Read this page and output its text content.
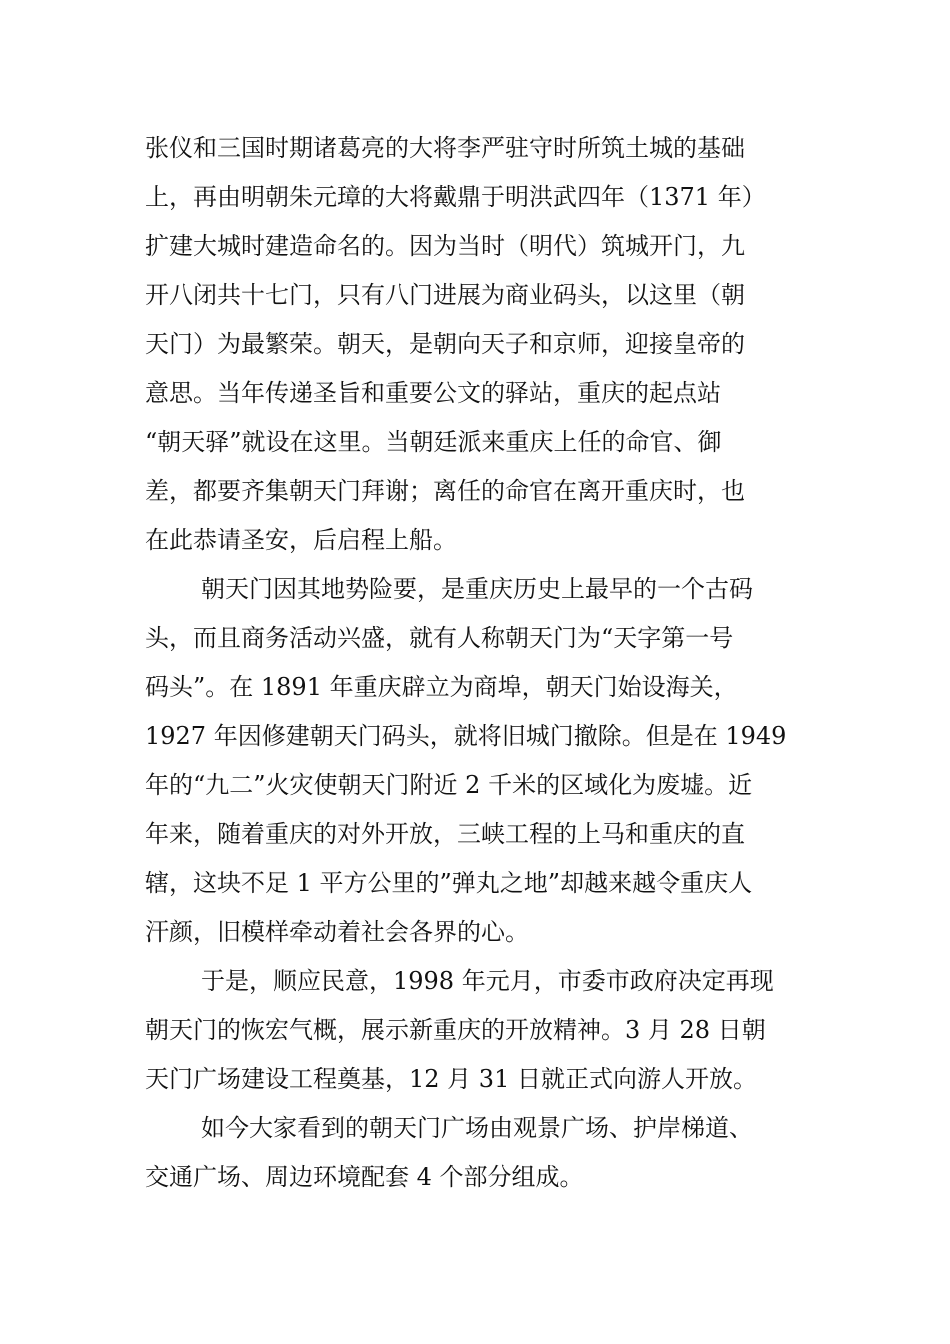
张仪和三国时期诸葛亮的大将李严驻守时所筑土城的基础
上，再由明朝朱元璋的大将戴鼎于明洪武四年（1371 年）
扩建大城时建造命名的。因为当时（明代）筑城开门，九
开八闭共十七门，只有八门进展为商业码头，以这里（朝
天门）为最繁荣。朝天，是朝向天子和京师，迎接皇帝的
意思。当年传递圣旨和重要公文的驿站，重庆的起点站
“朝天驿”就设在这里。当朝廷派来重庆上任的命官、御
差，都要齐集朝天门拜谢；离任的命官在离开重庆时，也
在此恭请圣安，后启程上船。
朝天门因其地势险要，是重庆历史上最早的一个古码
头，而且商务活动兴盛，就有人称朝天门为“天字第一号
码头”。在 1891 年重庆辟立为商埠，朝天门始设海关，
1927 年因修建朝天门码头，就将旧城门撤除。但是在 1949
年的“九二”火灾使朝天门附近 2 千米的区域化为废墟。近
年来，随着重庆的对外开放，三峡工程的上马和重庆的直
辖，这块不足 1 平方公里的”弹丸之地”却越来越令重庆人
汗颜，旧模样牵动着社会各界的心。
于是，顺应民意，1998 年元月，市委市政府决定再现
朝天门的恢宏气概，展示新重庆的开放精神。3 月 28 日朝
天门广场建设工程奠基，12 月 31 日就正式向游人开放。
如今大家看到的朝天门广场由观景广场、护岸梯道、
交通广场、周边环境配套 4 个部分组成。
